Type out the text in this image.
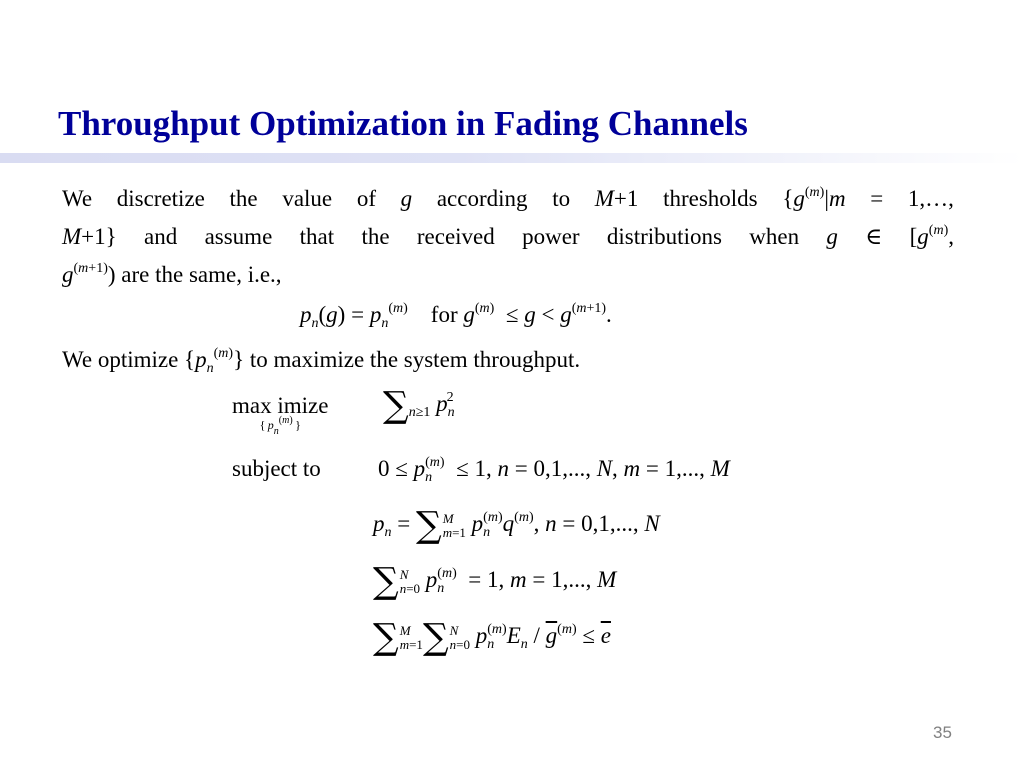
Throughput Optimization in Fading Channels
We discretize the value of g according to M+1 thresholds {$g^{(m)}|m$ = 1,…,
M+1} and assume that the received power distributions when g ∈ [$g^{(m)}$,
$g^{(m+1)}$) are the same, i.e.,
$p_n(g) = p_n^{(m)}$    for $g^{(m)} \le g < g^{(m+1)}$.
We optimize $\{p_n^{(m)}\}$ to maximize the system throughput.
max imize
{ $p_n^{(m)}$ }	$\sum_{n\ge 1}$ $p_n^2$
subject to $0 \le p_n^{(m)} \le 1$, n = 0,1,..., N, m = 1,..., M
$p_n$ = ∑ M
m=1 $p_n^{(m)}q^{(m)}$, n = 0,1,..., N
∑ N
n=0 $p_n^{(m)} = 1$, m = 1,..., M
∑ M
m=1 ∑ N
n=0 $p_n^{(m)}E_n / \overline{g}^{(m)} \le \overline{e}$
35
